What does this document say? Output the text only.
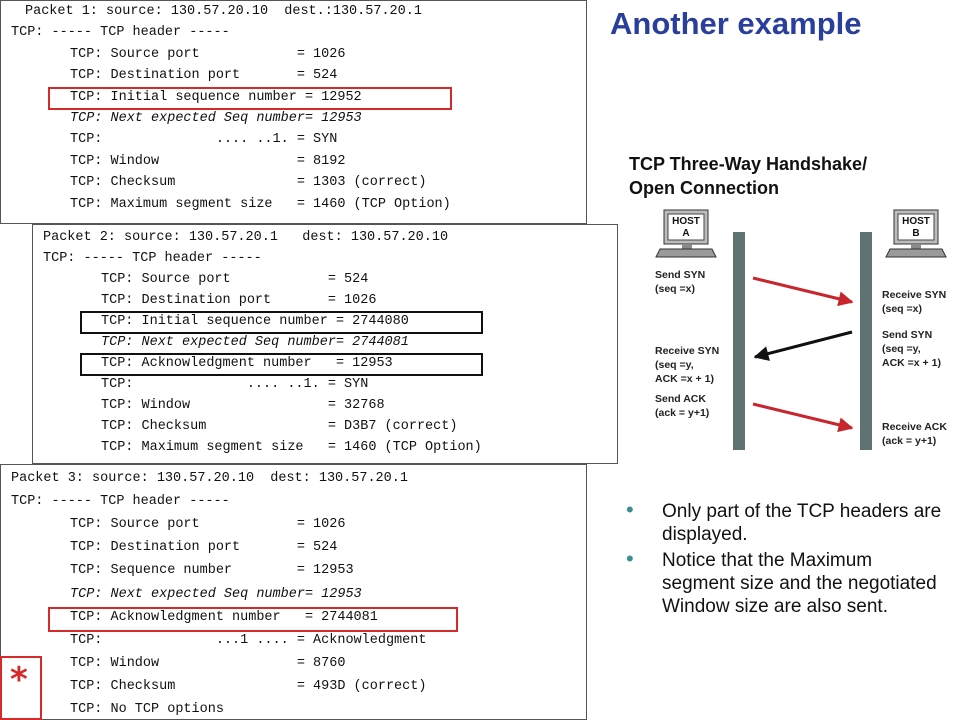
Another example
Packet 1: source: 130.57.20.10  dest.:130.57.20.1
TCP: ----- TCP header -----
TCP: Source port            = 1026
TCP: Destination port       = 524
TCP: Initial sequence number = 12952
TCP: Next expected Seq number= 12953
TCP:              .... ..1. = SYN
TCP: Window                 = 8192
TCP: Checksum               = 1303 (correct)
TCP: Maximum segment size   = 1460 (TCP Option)
Packet 2: source: 130.57.20.1   dest: 130.57.20.10
TCP: ----- TCP header -----
TCP: Source port            = 524
TCP: Destination port       = 1026
TCP: Initial sequence number = 2744080
TCP: Next expected Seq number= 2744081
TCP: Acknowledgment number   = 12953
TCP:              .... ..1. = SYN
TCP: Window                 = 32768
TCP: Checksum               = D3B7 (correct)
TCP: Maximum segment size   = 1460 (TCP Option)
Packet 3: source: 130.57.20.10  dest: 130.57.20.1
TCP: ----- TCP header -----
TCP: Source port            = 1026
TCP: Destination port       = 524
TCP: Sequence number        = 12953
TCP: Next expected Seq number= 12953
TCP: Acknowledgment number   = 2744081
TCP:              ...1 .... = Acknowledgment
TCP: Window                 = 8760
TCP: Checksum               = 493D (correct)
TCP: No TCP options
*
TCP Three-Way Handshake/
Open Connection
HOST
A
HOST
B
Send SYN
(seq =x)
Receive SYN
(seq =y,
ACK =x + 1)
Send ACK
(ack = y+1)
Receive SYN
(seq =x)
Send SYN
(seq =y,
ACK =x + 1)
Receive ACK
(ack = y+1)
• Only part of the TCP headers are displayed.
• Notice that the Maximum segment size and the negotiated Window size are also sent.
